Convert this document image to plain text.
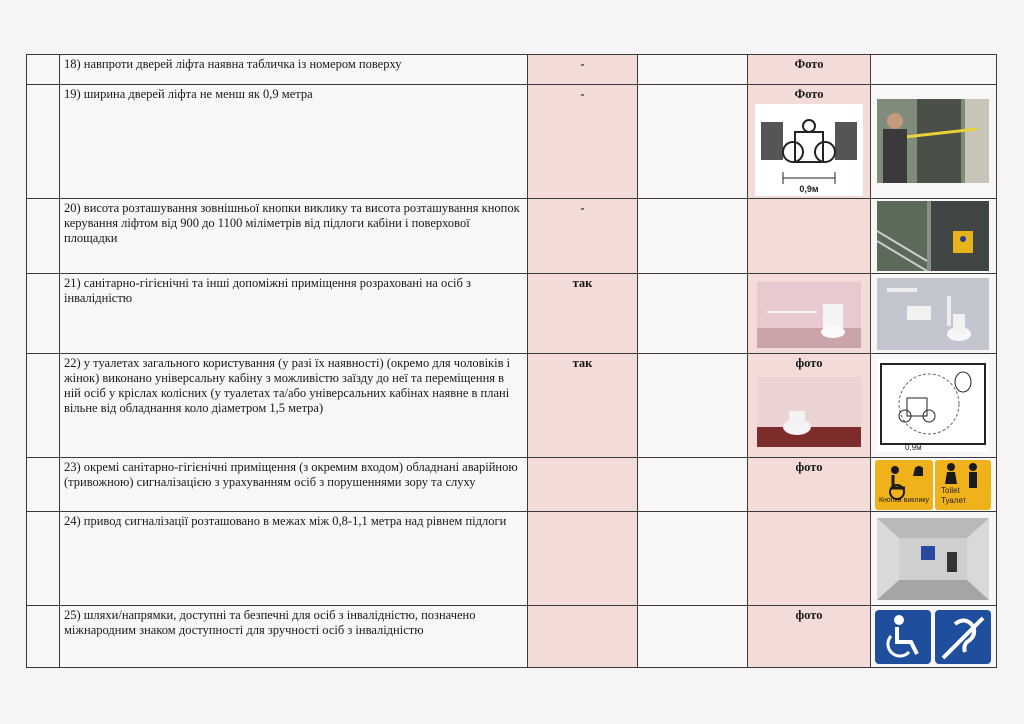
	18) навпроти дверей ліфта наявна табличка із номером поверху	-		Фото	
	19) ширина дверей ліфта не менш як 0,9 метра	-		Фото
0,9м

	20) висота розташування зовнішньої кнопки виклику та висота розташування кнопок керування ліфтом від 900 до 1100 міліметрів від підлоги кабіни і поверхової площадки	-			

	21) санітарно-гігієнічні та інші допоміжні приміщення розраховані на осіб з інвалідністю	так		

	22) у туалетах загального користування (у разі їх наявності) (окремо для чоловіків і жінок) виконано універсальну кабіну з можливістю заїзду до неї та переміщення в ній осіб у кріслах колісних (у туалетах та/або універсальних кабінах наявне в плані вільне від обладнання коло діаметром 1,5 метра)	так		фото	0,9м

	23) окремі санітарно-гігієнічні приміщення (з окремим входом) обладнані аварійною (тривожною) сигналізацією з урахуванням осіб з порушеннями зору та слуху			фото	Кнопка виклику
Toilet
Туалет

	24) привод сигналізації розташовано в межах між 0,8-1,1 метра над рівнем підлоги				

	25) шляхи/напрямки, доступні та безпечні для осіб з інвалідністю, позначено міжнародним знаком доступності для зручності осіб з інвалідністю			фото	
